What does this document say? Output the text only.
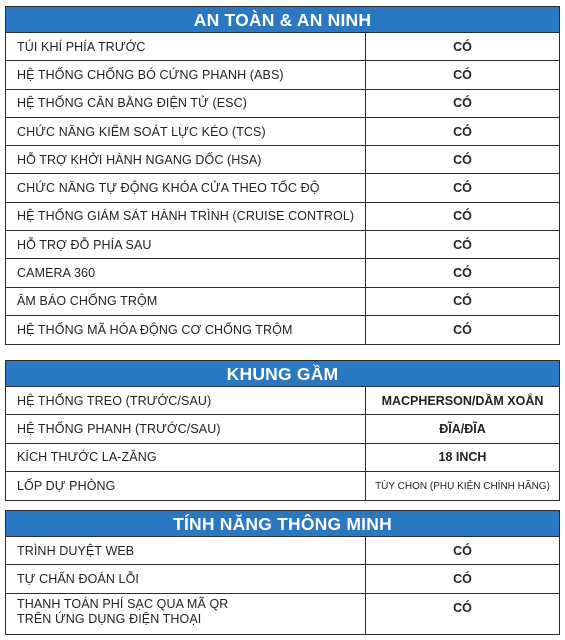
AN TOÀN & AN NINH
TÚI KHÍ PHÍA TRƯỚC	CÓ
HỆ THỐNG CHỐNG BÓ CỨNG PHANH (ABS)	CÓ
HỆ THỐNG CÂN BẰNG ĐIỆN TỬ (ESC)	CÓ
CHỨC NĂNG KIỂM SOÁT LỰC KÉO (TCS)	CÓ
HỖ TRỢ KHỞI HÀNH NGANG DỐC (HSA)	CÓ
CHỨC NĂNG TỰ ĐỘNG KHÓA CỬA THEO TỐC ĐỘ	CÓ
HỆ THỐNG GIÁM SÁT HÀNH TRÌNH (CRUISE CONTROL)	CÓ
HỖ TRỢ ĐỖ PHÍA SAU	CÓ
CAMERA 360	CÓ
ÂM BÁO CHỐNG TRỘM	CÓ
HỆ THỐNG MÃ HÓA ĐỘNG CƠ CHỐNG TRỘM	CÓ
KHUNG GẦM
HỆ THỐNG TREO (TRƯỚC/SAU)	MACPHERSON/DẦM XOẮN
HỆ THỐNG PHANH (TRƯỚC/SAU)	ĐĨA/ĐĨA
KÍCH THƯỚC LA-ZĂNG	18 INCH
LỐP DỰ PHÒNG	TÙY CHỌN (PHỤ KIỆN CHÍNH HÃNG)
TÍNH NĂNG THÔNG MINH
TRÌNH DUYỆT WEB	CÓ
TỰ CHẨN ĐOÁN LỖI	CÓ
THANH TOÁN PHÍ SẠC QUA MÃ QR
TRÊN ỨNG DỤNG ĐIỆN THOẠI
CÓ
